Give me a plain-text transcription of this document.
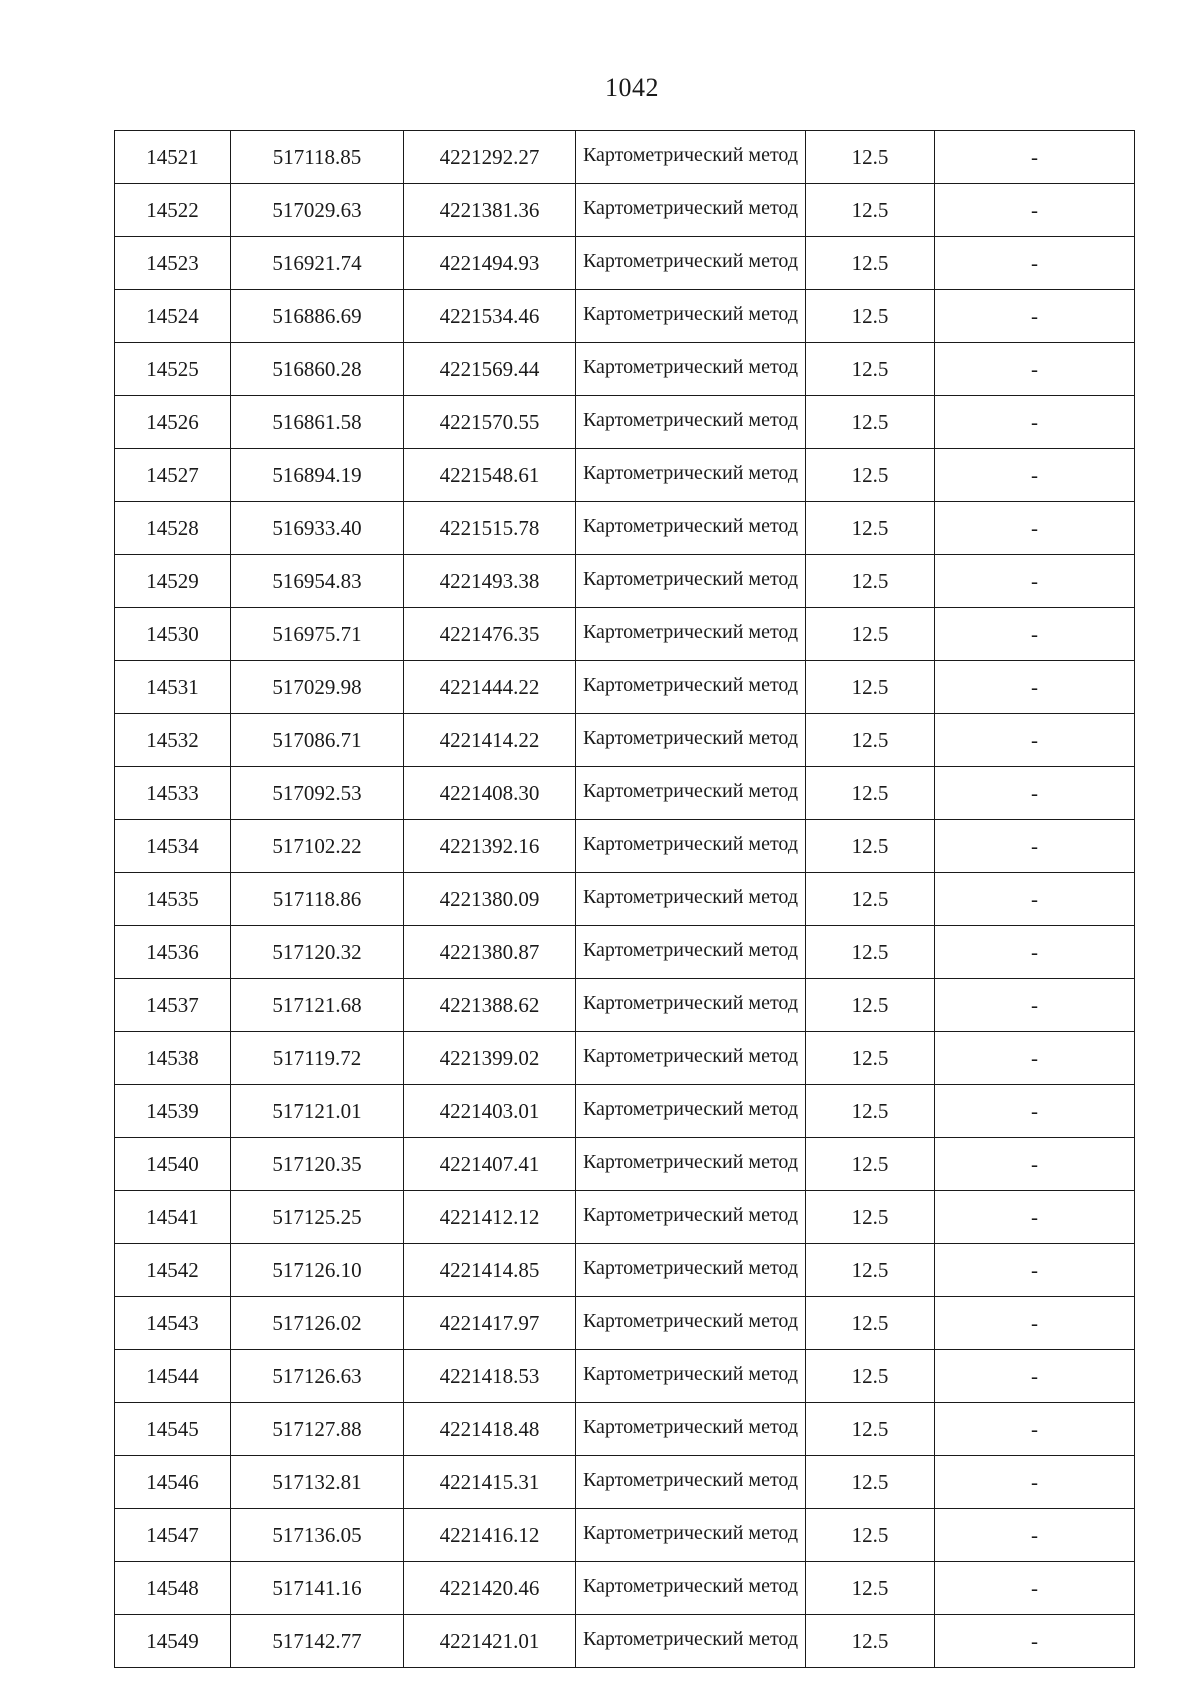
1042
14521	517118.85	4221292.27	Картометрический метод	12.5	-
14522	517029.63	4221381.36	Картометрический метод	12.5	-
14523	516921.74	4221494.93	Картометрический метод	12.5	-
14524	516886.69	4221534.46	Картометрический метод	12.5	-
14525	516860.28	4221569.44	Картометрический метод	12.5	-
14526	516861.58	4221570.55	Картометрический метод	12.5	-
14527	516894.19	4221548.61	Картометрический метод	12.5	-
14528	516933.40	4221515.78	Картометрический метод	12.5	-
14529	516954.83	4221493.38	Картометрический метод	12.5	-
14530	516975.71	4221476.35	Картометрический метод	12.5	-
14531	517029.98	4221444.22	Картометрический метод	12.5	-
14532	517086.71	4221414.22	Картометрический метод	12.5	-
14533	517092.53	4221408.30	Картометрический метод	12.5	-
14534	517102.22	4221392.16	Картометрический метод	12.5	-
14535	517118.86	4221380.09	Картометрический метод	12.5	-
14536	517120.32	4221380.87	Картометрический метод	12.5	-
14537	517121.68	4221388.62	Картометрический метод	12.5	-
14538	517119.72	4221399.02	Картометрический метод	12.5	-
14539	517121.01	4221403.01	Картометрический метод	12.5	-
14540	517120.35	4221407.41	Картометрический метод	12.5	-
14541	517125.25	4221412.12	Картометрический метод	12.5	-
14542	517126.10	4221414.85	Картометрический метод	12.5	-
14543	517126.02	4221417.97	Картометрический метод	12.5	-
14544	517126.63	4221418.53	Картометрический метод	12.5	-
14545	517127.88	4221418.48	Картометрический метод	12.5	-
14546	517132.81	4221415.31	Картометрический метод	12.5	-
14547	517136.05	4221416.12	Картометрический метод	12.5	-
14548	517141.16	4221420.46	Картометрический метод	12.5	-
14549	517142.77	4221421.01	Картометрический метод	12.5	-
